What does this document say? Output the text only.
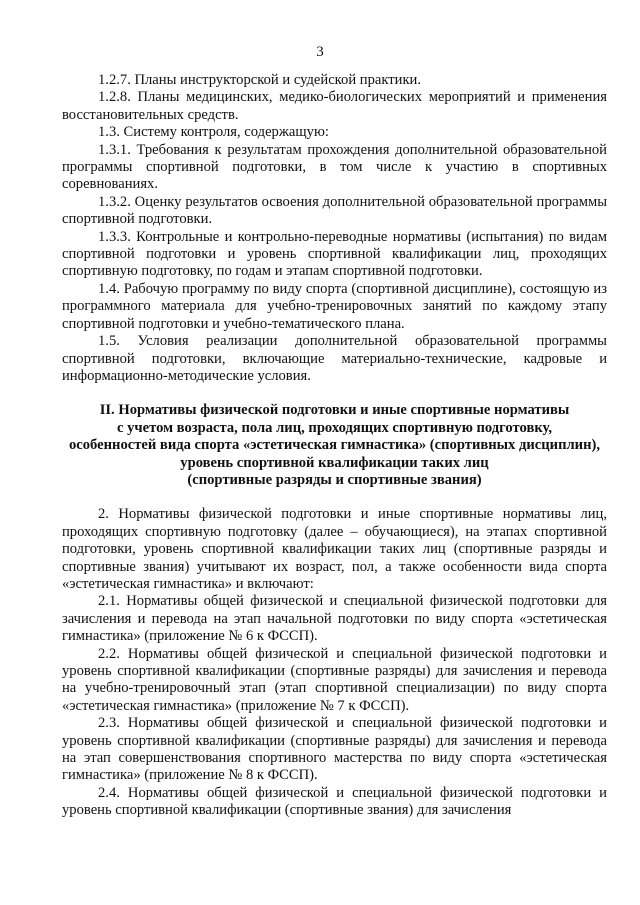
3

1.2.7. Планы инструкторской и судейской практики.

1.2.8. Планы медицинских, медико-биологических мероприятий и применения восстановительных средств.

1.3. Систему контроля, содержащую:

1.3.1. Требования к результатам прохождения дополнительной образовательной программы спортивной подготовки, в том числе к участию в спортивных соревнованиях.

1.3.2. Оценку результатов освоения дополнительной образовательной программы спортивной подготовки.

1.3.3. Контрольные и контрольно-переводные нормативы (испытания) по видам спортивной подготовки и уровень спортивной квалификации лиц, проходящих спортивную подготовку, по годам и этапам спортивной подготовки.

1.4. Рабочую программу по виду спорта (спортивной дисциплине), состоящую из программного материала для учебно-тренировочных занятий по каждому этапу спортивной подготовки и учебно-тематического плана.

1.5. Условия реализации дополнительной образовательной программы спортивной подготовки, включающие материально-технические, кадровые и информационно-методические условия.

II. Нормативы физической подготовки и иные спортивные нормативы
с учетом возраста, пола лиц, проходящих спортивную подготовку,
особенностей вида спорта «эстетическая гимнастика» (спортивных дисциплин),
уровень спортивной квалификации таких лиц
(спортивные разряды и спортивные звания)

2. Нормативы физической подготовки и иные спортивные нормативы лиц, проходящих спортивную подготовку (далее – обучающиеся), на этапах спортивной подготовки, уровень спортивной квалификации таких лиц (спортивные разряды и спортивные звания) учитывают их возраст, пол, а также особенности вида спорта «эстетическая гимнастика» и включают:

2.1. Нормативы общей физической и специальной физической подготовки для зачисления и перевода на этап начальной подготовки по виду спорта «эстетическая гимнастика» (приложение № 6 к ФССП).

2.2. Нормативы общей физической и специальной физической подготовки и уровень спортивной квалификации (спортивные разряды) для зачисления и перевода на учебно-тренировочный этап (этап спортивной специализации) по виду спорта «эстетическая гимнастика» (приложение № 7 к ФССП).

2.3. Нормативы общей физической и специальной физической подготовки и уровень спортивной квалификации (спортивные разряды) для зачисления и перевода на этап совершенствования спортивного мастерства по виду спорта «эстетическая гимнастика» (приложение № 8 к ФССП).

2.4. Нормативы общей физической и специальной физической подготовки и уровень спортивной квалификации (спортивные звания) для зачисления
